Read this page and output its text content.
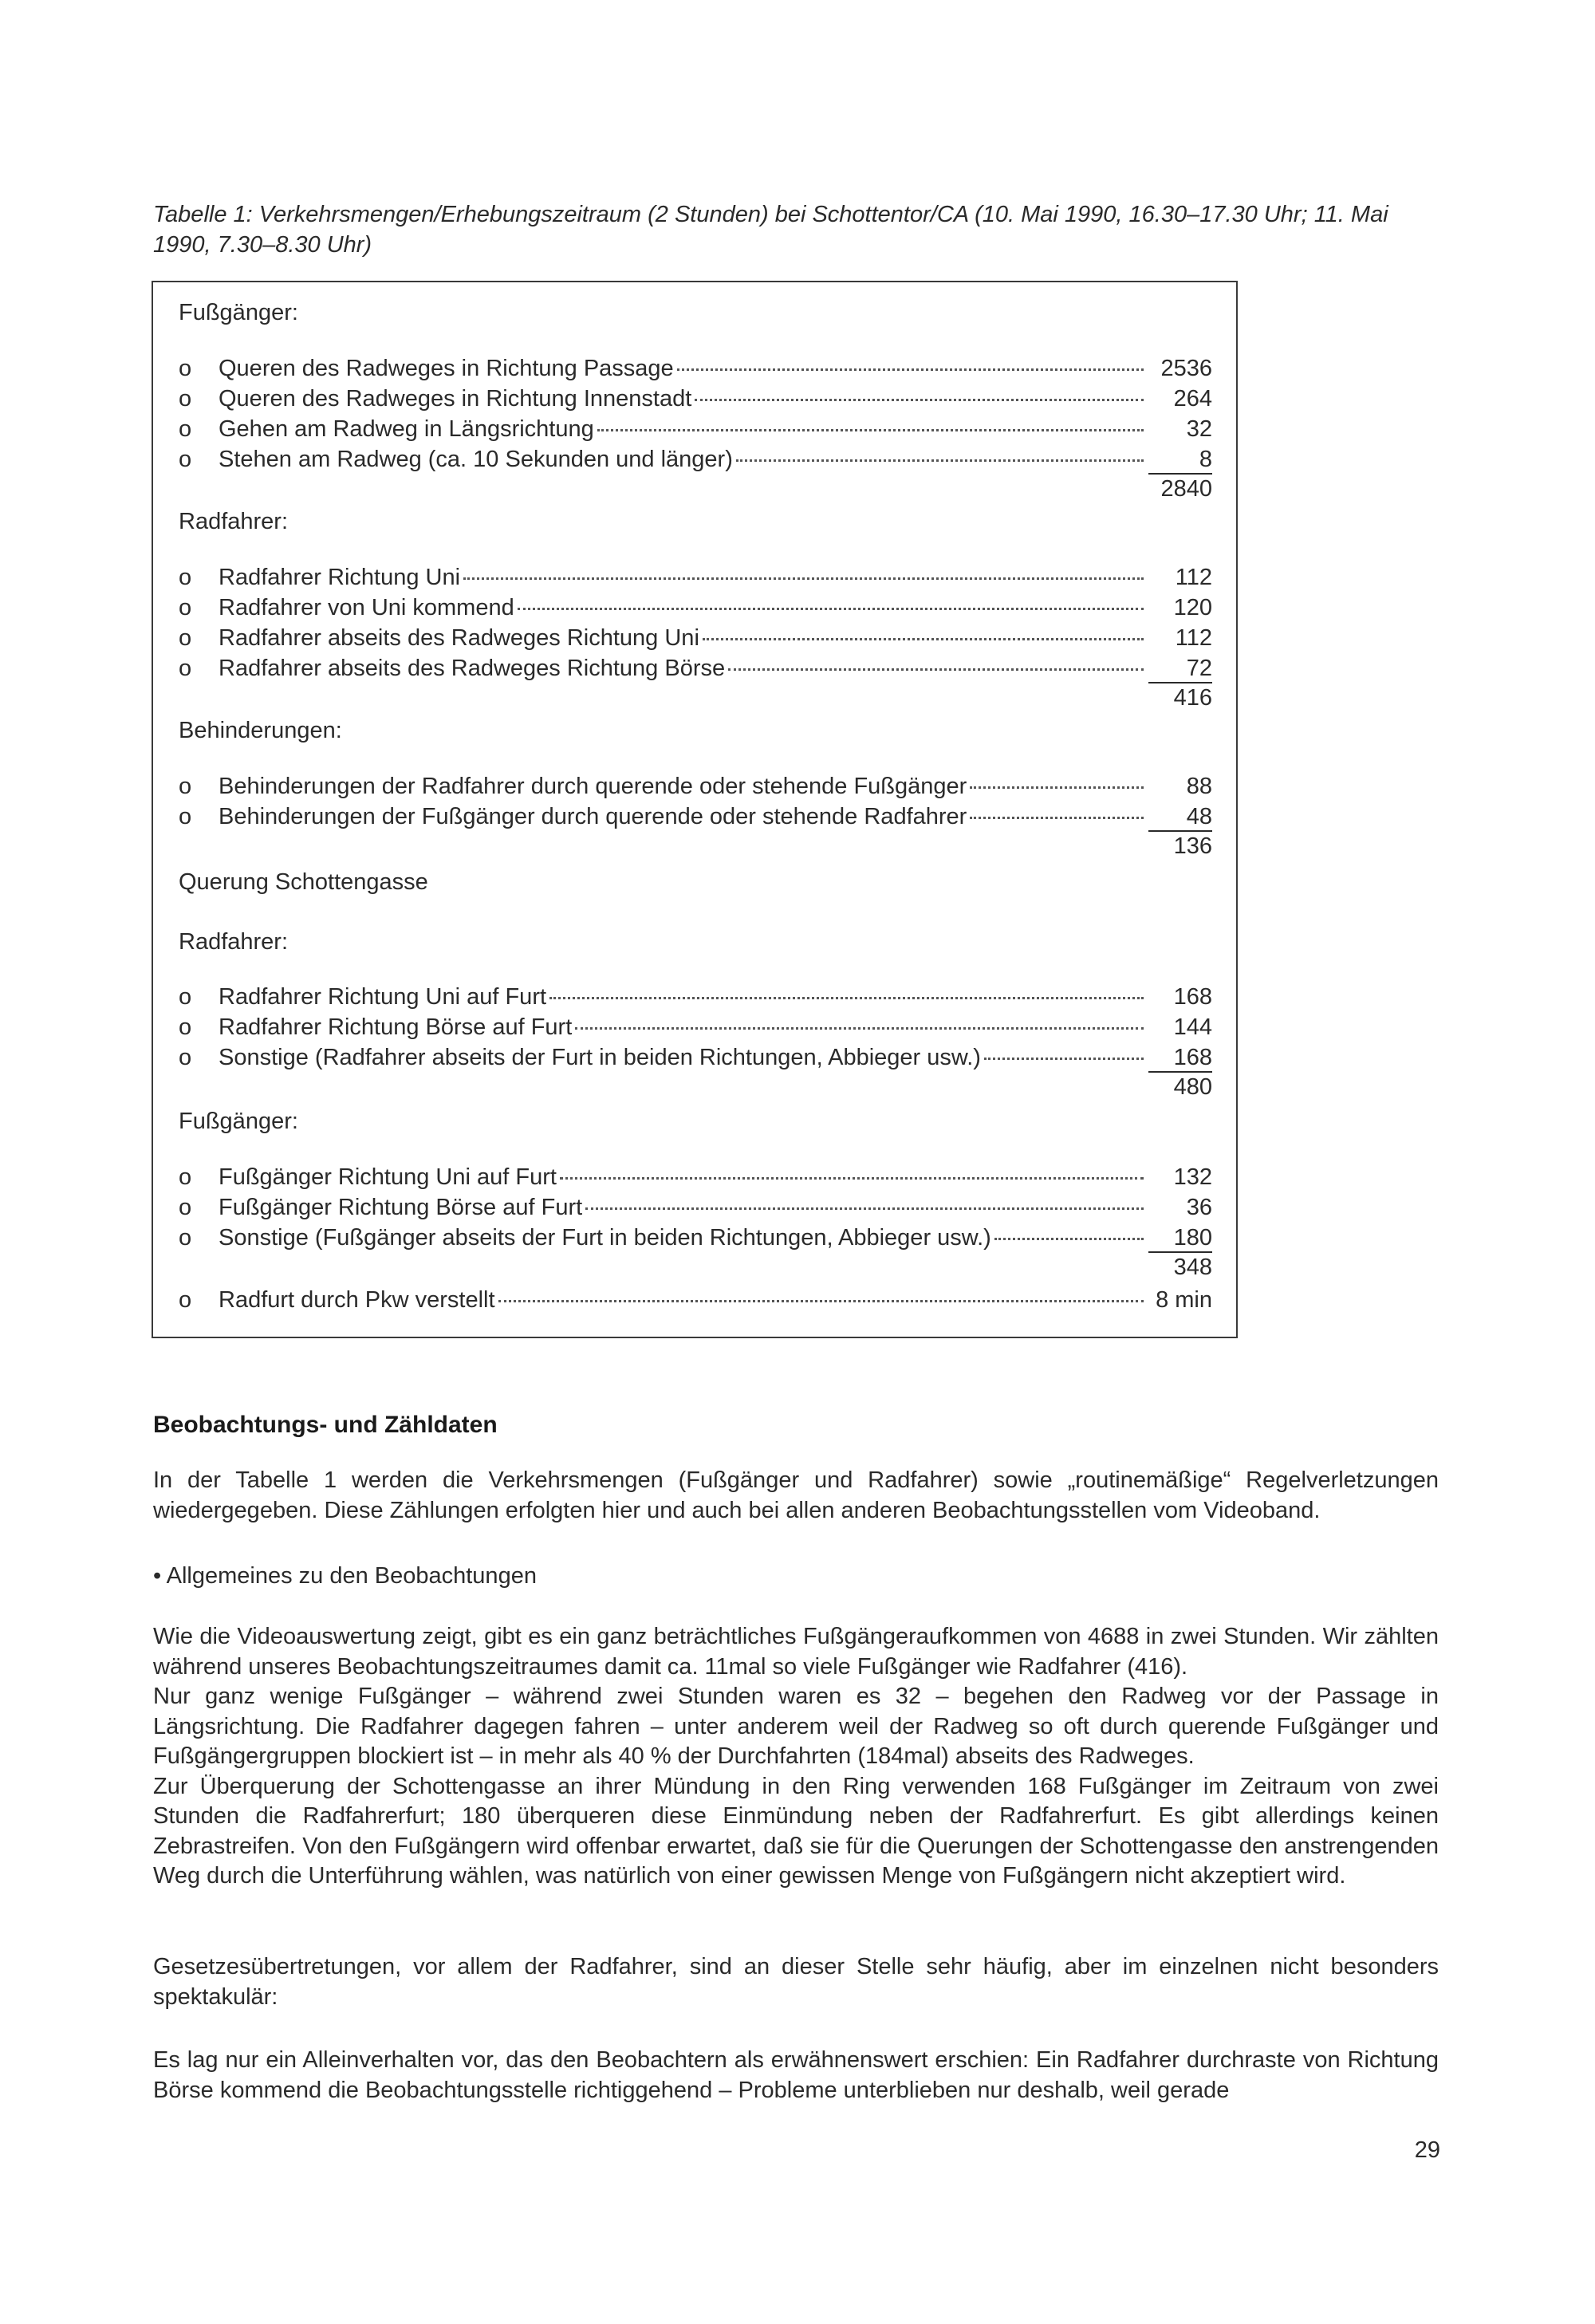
Tabelle 1: Verkehrsmengen/Erhebungszeitraum (2 Stunden) bei Schottentor/CA (10. Mai 1990, 16.30–17.30 Uhr; 11. Mai 1990, 7.30–8.30 Uhr)
Fußgänger:
o	Queren des Radweges in Richtung Passage	2536
o	Queren des Radweges in Richtung Innenstadt	264
o	Gehen am Radweg in Längsrichtung	32
o	Stehen am Radweg (ca. 10 Sekunden und länger)	8
2840
Radfahrer:
o	Radfahrer Richtung Uni	112
o	Radfahrer von Uni kommend	120
o	Radfahrer abseits des Radweges Richtung Uni	112
o	Radfahrer abseits des Radweges Richtung Börse	72
416
Behinderungen:
o	Behinderungen der Radfahrer durch querende oder stehende Fußgänger	88
o	Behinderungen der Fußgänger durch querende oder stehende Radfahrer	48
136
Querung Schottengasse
Radfahrer:
o	Radfahrer Richtung Uni auf Furt	168
o	Radfahrer Richtung Börse auf Furt	144
o	Sonstige (Radfahrer abseits der Furt in beiden Richtungen, Abbieger usw.)	168
480
Fußgänger:
o	Fußgänger Richtung Uni auf Furt	132
o	Fußgänger Richtung Börse auf Furt	36
o	Sonstige (Fußgänger abseits der Furt in beiden Richtungen, Abbieger usw.)	180
348
o	Radfurt durch Pkw verstellt	8 min
Beobachtungs- und Zähldaten

In der Tabelle 1 werden die Verkehrsmengen (Fußgänger und Radfahrer) sowie „routinemäßige“ Regelverletzungen wiedergegeben. Diese Zählungen erfolgten hier und auch bei allen anderen Beobachtungsstellen vom Videoband.

• Allgemeines zu den Beobachtungen

Wie die Videoauswertung zeigt, gibt es ein ganz beträchtliches Fußgängeraufkommen von 4688 in zwei Stunden. Wir zählten während unseres Beobachtungszeitraumes damit ca. 11mal so viele Fußgänger wie Radfahrer (416).

Nur ganz wenige Fußgänger – während zwei Stunden waren es 32 – begehen den Radweg vor der Passage in Längsrichtung. Die Radfahrer dagegen fahren – unter anderem weil der Radweg so oft durch querende Fußgänger und Fußgängergruppen blockiert ist – in mehr als 40 % der Durchfahrten (184mal) abseits des Radweges.

Zur Überquerung der Schottengasse an ihrer Mündung in den Ring verwenden 168 Fußgänger im Zeitraum von zwei Stunden die Radfahrerfurt; 180 überqueren diese Einmündung neben der Radfahrerfurt. Es gibt allerdings keinen Zebrastreifen. Von den Fußgängern wird offenbar erwartet, daß sie für die Querungen der Schottengasse den anstrengenden Weg durch die Unterführung wählen, was natürlich von einer gewissen Menge von Fußgängern nicht akzeptiert wird.

Gesetzesübertretungen, vor allem der Radfahrer, sind an dieser Stelle sehr häufig, aber im einzelnen nicht besonders spektakulär:

Es lag nur ein Alleinverhalten vor, das den Beobachtern als erwähnenswert erschien: Ein Radfahrer durchraste von Richtung Börse kommend die Beobachtungsstelle richtiggehend – Probleme unterblieben nur deshalb, weil gerade

29
